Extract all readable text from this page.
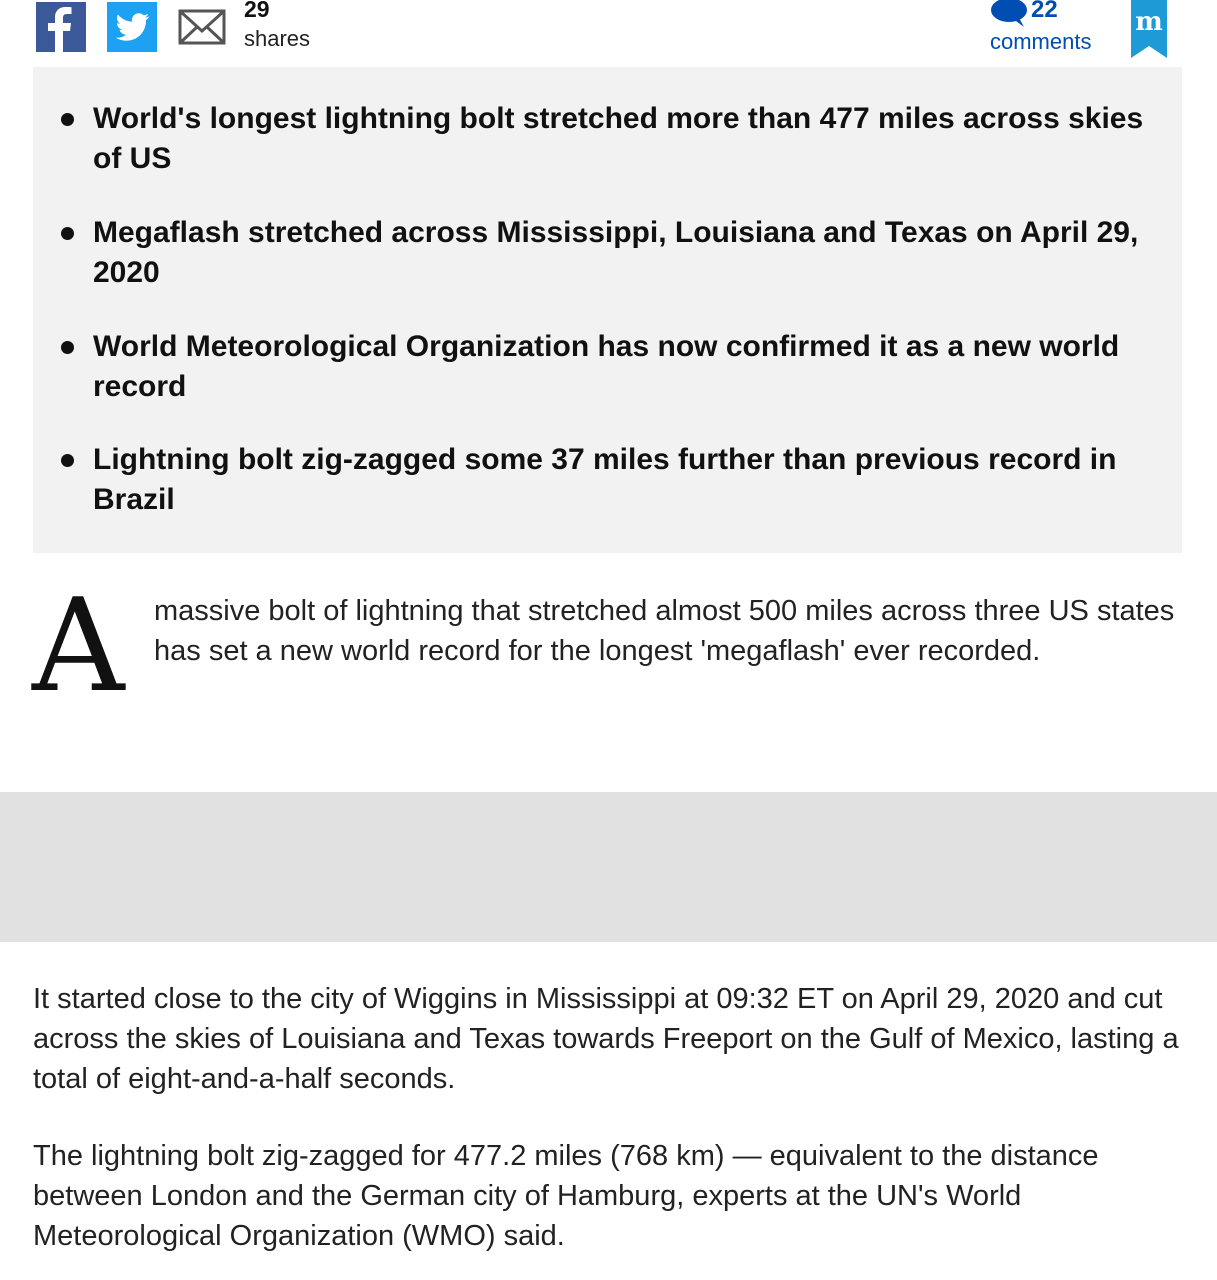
29
shares
22
comments
m
World's longest lightning bolt stretched more than 477 miles across skies of US
Megaflash stretched across Mississippi, Louisiana and Texas on April 29, 2020
World Meteorological Organization has now confirmed it as a new world record
Lightning bolt zig-zagged some 37 miles further than previous record in Brazil
A massive bolt of lightning that stretched almost 500 miles across three US states has set a new world record for the longest 'megaflash' ever recorded.

It started close to the city of Wiggins in Mississippi at 09:32 ET on April 29, 2020 and cut across the skies of Louisiana and Texas towards Freeport on the Gulf of Mexico, lasting a total of eight-and-a-half seconds.

The lightning bolt zig-zagged for 477.2 miles (768 km) — equivalent to the distance between London and the German city of Hamburg, experts at the UN's World Meteorological Organization (WMO) said.
